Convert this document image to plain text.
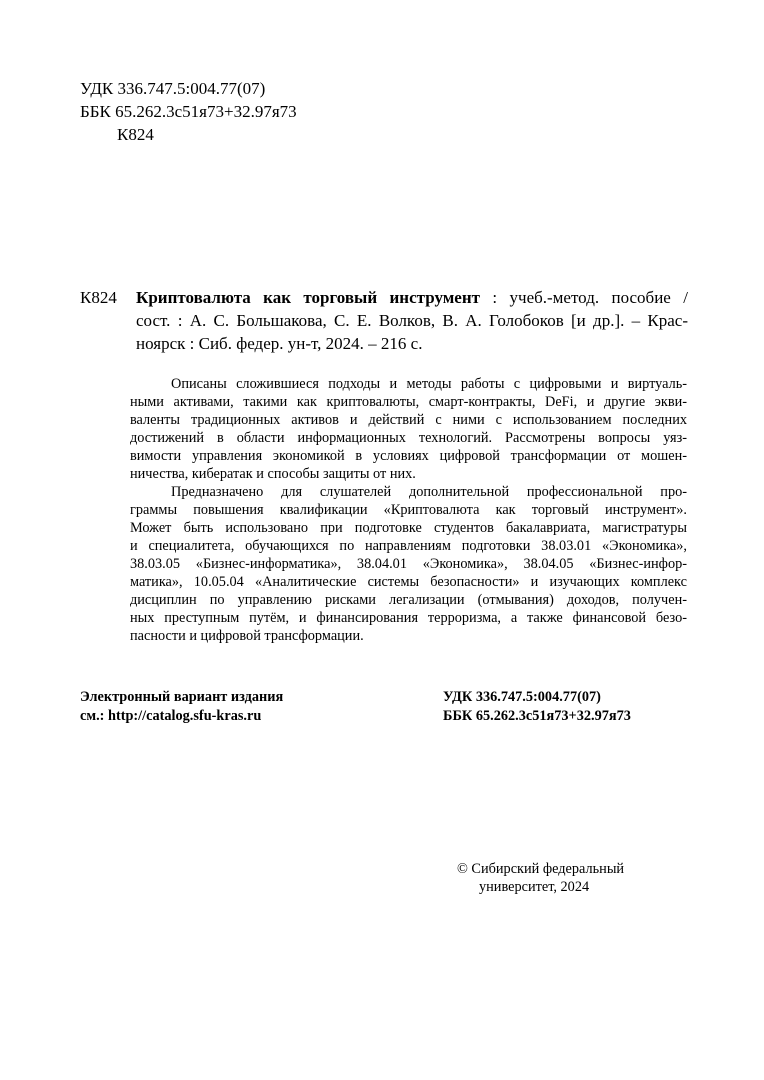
УДК 336.747.5:004.77(07)
ББК 65.262.3с51я73+32.97я73
К824
К824 Криптовалюта как торговый инструмент : учеб.-метод. пособие /
сост. : А. С. Большакова, С. Е. Волков, В. А. Голобоков [и др.]. – Крас-
ноярск : Сиб. федер. ун-т, 2024. – 216 с.
Описаны сложившиеся подходы и методы работы с цифровыми и виртуаль-
ными активами, такими как криптовалюты, смарт-контракты, DeFi, и другие экви-
валенты традиционных активов и действий с ними с использованием последних
достижений в области информационных технологий. Рассмотрены вопросы уяз-
вимости управления экономикой в условиях цифровой трансформации от мошен-
ничества, кибератак и способы защиты от них.
Предназначено для слушателей дополнительной профессиональной про-
граммы повышения квалификации «Криптовалюта как торговый инструмент».
Может быть использовано при подготовке студентов бакалавриата, магистратуры
и специалитета, обучающихся по направлениям подготовки 38.03.01 «Экономика»,
38.03.05 «Бизнес-информатика», 38.04.01 «Экономика», 38.04.05 «Бизнес-инфор-
матика», 10.05.04 «Аналитические системы безопасности» и изучающих комплекс
дисциплин по управлению рисками легализации (отмывания) доходов, получен-
ных преступным путём, и финансирования терроризма, а также финансовой безо-
пасности и цифровой трансформации.
Электронный вариант издания
см.: http://catalog.sfu-kras.ru
УДК 336.747.5:004.77(07)
ББК 65.262.3с51я73+32.97я73
© Сибирский федеральный
университет, 2024
